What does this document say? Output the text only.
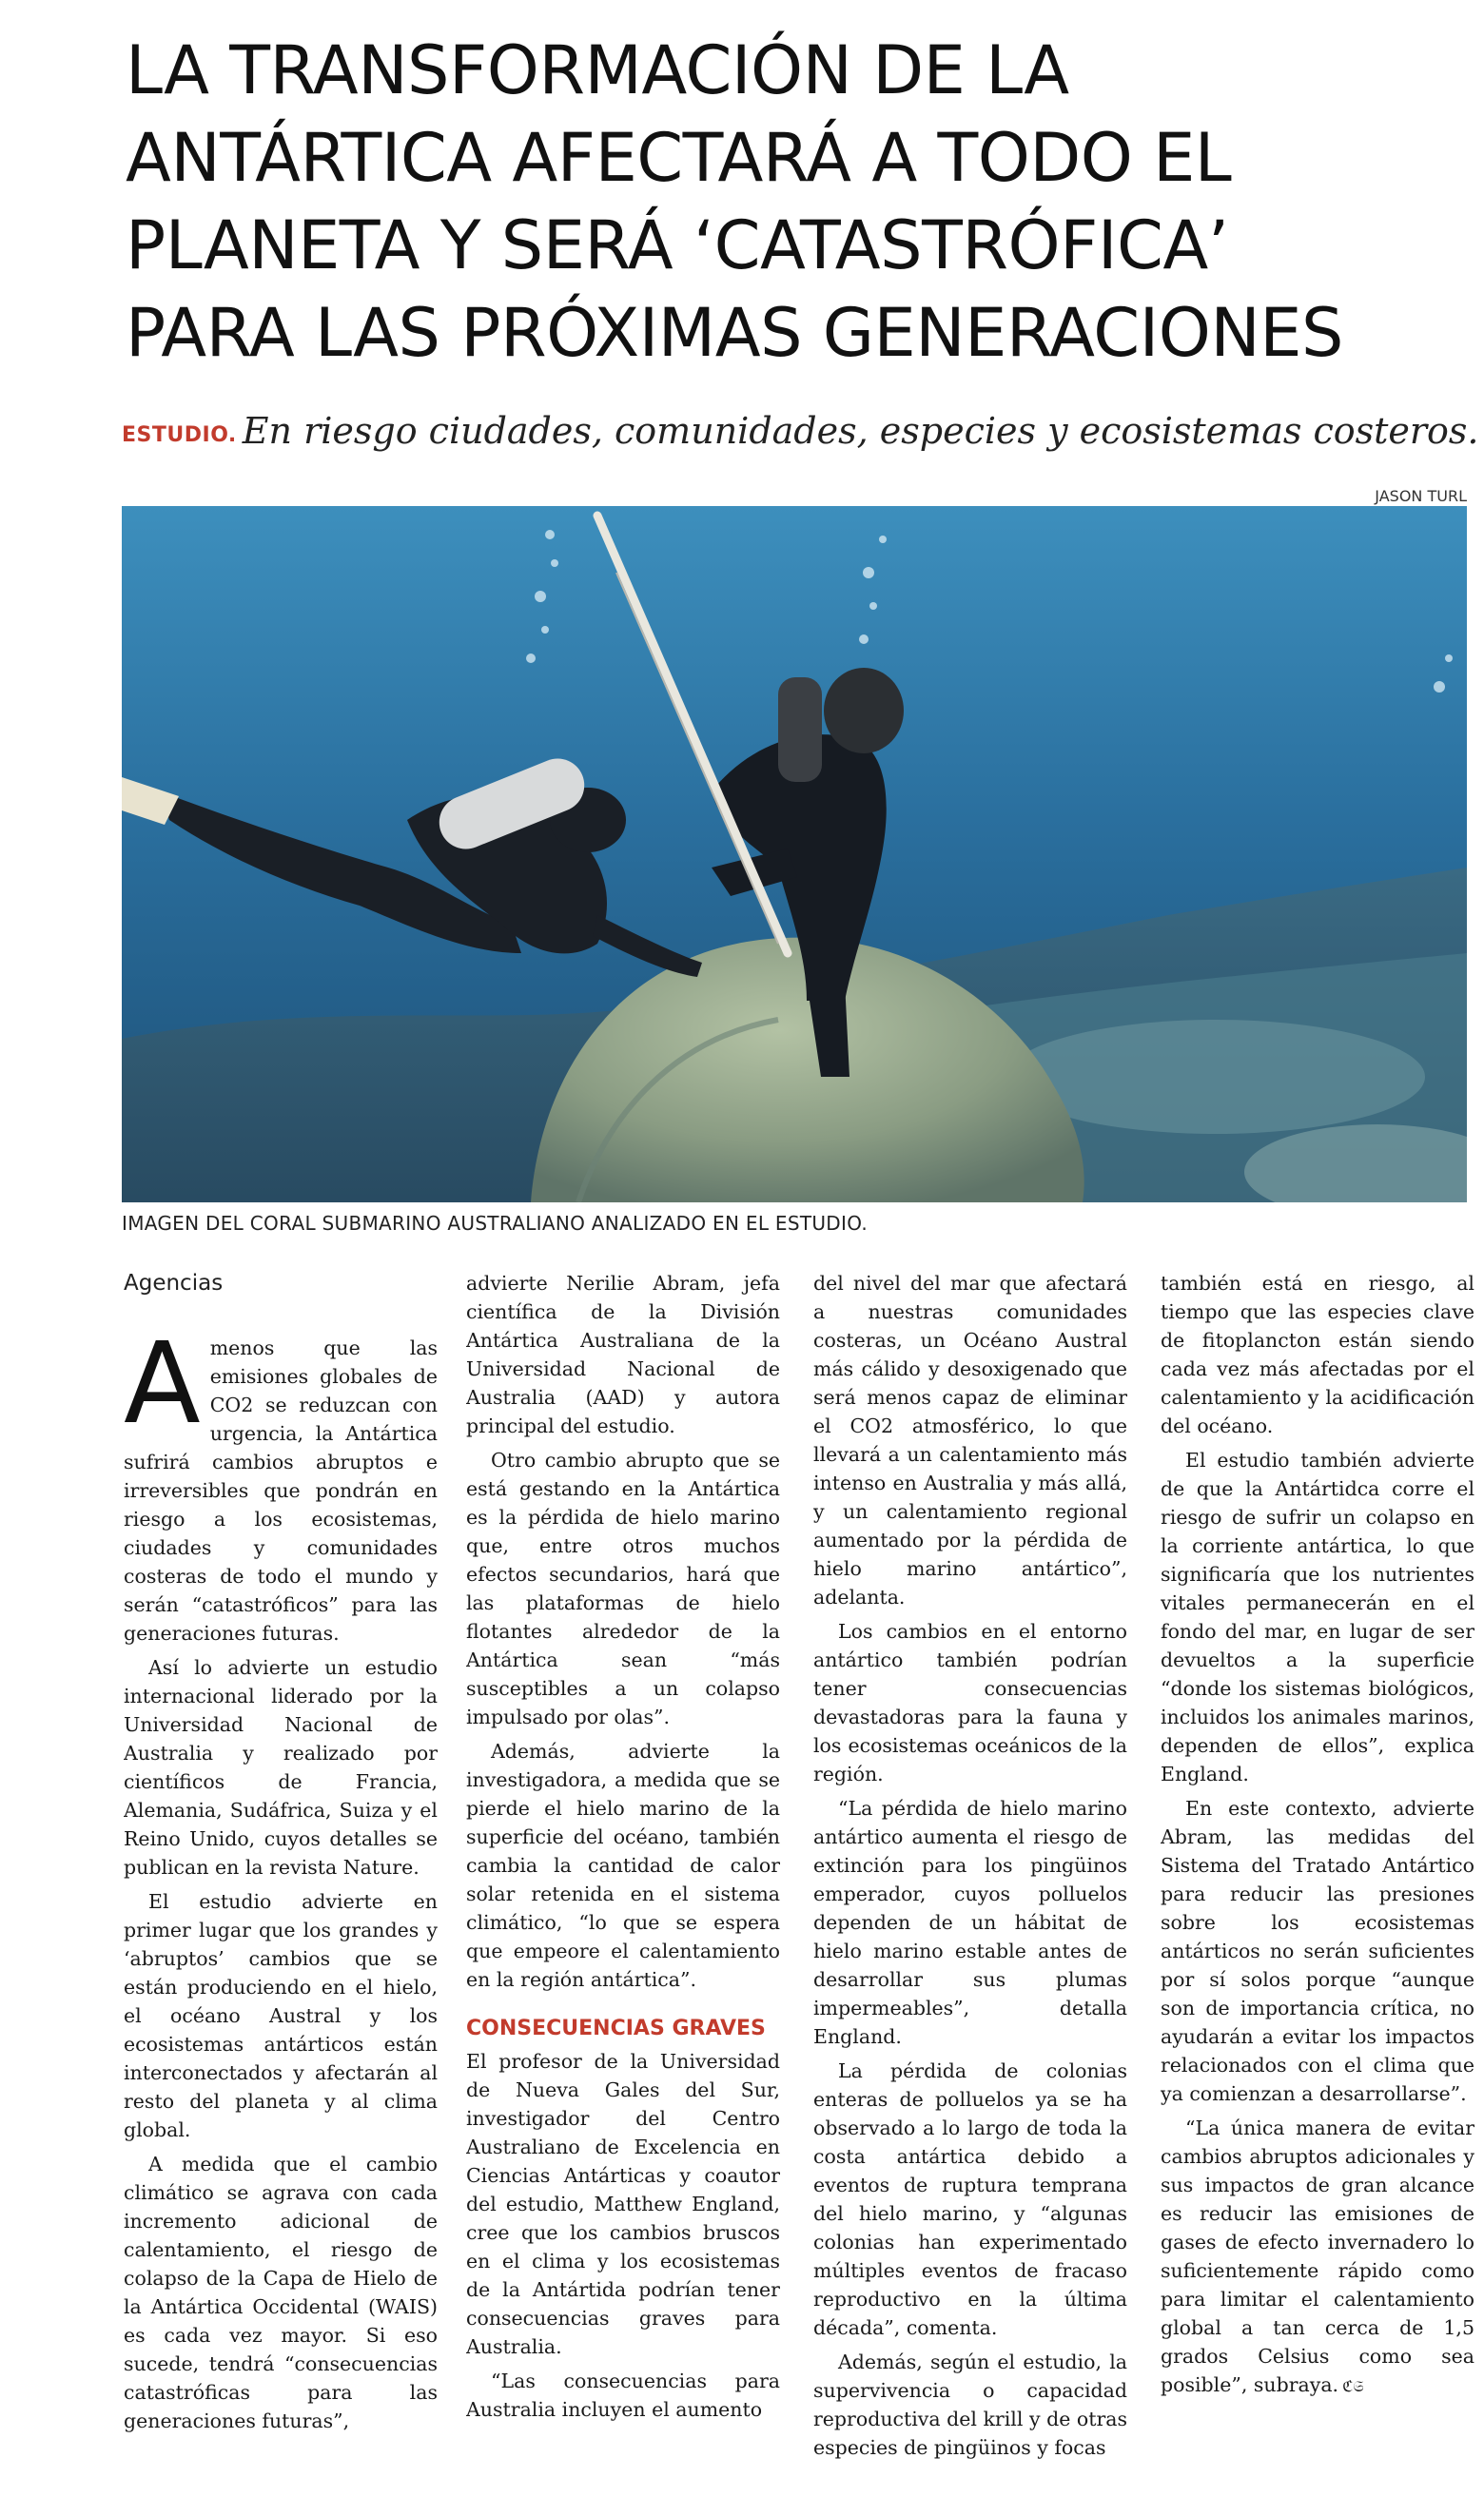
LA TRANSFORMACIÓN DE LA
ANTÁRTICA AFECTARÁ A TODO EL
PLANETA Y SERÁ ‘CATASTRÓFICA’
PARA LAS PRÓXIMAS GENERACIONES
ESTUDIO. En riesgo ciudades, comunidades, especies y ecosistemas costeros.
JASON TURL
IMAGEN DEL CORAL SUBMARINO AUSTRALIANO ANALIZADO EN EL ESTUDIO.
Agencias

Amenos que las emisiones globales de CO2 se reduzcan con urgencia, la Antártica sufrirá cambios abruptos e irreversibles que pondrán en riesgo a los ecosistemas, ciudades y comunidades costeras de todo el mundo y serán “catastróficos” para las generaciones futuras.

Así lo advierte un estudio internacional liderado por la Universidad Nacional de Australia y realizado por científicos de Francia, Alemania, Sudáfrica, Suiza y el Reino Unido, cuyos detalles se publican en la revista Nature.

El estudio advierte en primer lugar que los grandes y ‘abruptos’ cambios que se están produciendo en el hielo, el océano Austral y los ecosistemas antárticos están interconectados y afectarán al resto del planeta y al clima global.

A medida que el cambio climático se agrava con cada incremento adicional de calentamiento, el riesgo de colapso de la Capa de Hielo de la Antártica Occidental (WAIS) es cada vez mayor. Si eso sucede, tendrá “consecuencias catastróficas para las generaciones futuras”,

advierte Nerilie Abram, jefa científica de la División Antártica Australiana de la Universidad Nacional de Australia (AAD) y autora principal del estudio.

Otro cambio abrupto que se está gestando en la Antártica es la pérdida de hielo marino que, entre otros muchos efectos secundarios, hará que las plataformas de hielo flotantes alrededor de la Antártica sean “más susceptibles a un colapso impulsado por olas”.

Además, advierte la investigadora, a medida que se pierde el hielo marino de la superficie del océano, también cambia la cantidad de calor solar retenida en el sistema climático, “lo que se espera que empeore el calentamiento en la región antártica”.

CONSECUENCIAS GRAVES

El profesor de la Universidad de Nueva Gales del Sur, investigador del Centro Australiano de Excelencia en Ciencias Antárticas y coautor del estudio, Matthew England, cree que los cambios bruscos en el clima y los ecosistemas de la Antártida podrían tener consecuencias graves para Australia.

“Las consecuencias para Australia incluyen el aumento

del nivel del mar que afectará a nuestras comunidades costeras, un Océano Austral más cálido y desoxigenado que será menos capaz de eliminar el CO2 atmosférico, lo que llevará a un calentamiento más intenso en Australia y más allá, y un calentamiento regional aumentado por la pérdida de hielo marino antártico”, adelanta.

Los cambios en el entorno antártico también podrían tener consecuencias devastadoras para la fauna y los ecosistemas oceánicos de la región.

“La pérdida de hielo marino antártico aumenta el riesgo de extinción para los pingüinos emperador, cuyos polluelos dependen de un hábitat de hielo marino estable antes de desarrollar sus plumas impermeables”, detalla England.

La pérdida de colonias enteras de polluelos ya se ha observado a lo largo de toda la costa antártica debido a eventos de ruptura temprana del hielo marino, y “algunas colonias han experimentado múltiples eventos de fracaso reproductivo en la última década”, comenta.

Además, según el estudio, la supervivencia o capacidad reproductiva del krill y de otras especies de pingüinos y focas

también está en riesgo, al tiempo que las especies clave de fitoplancton están siendo cada vez más afectadas por el calentamiento y la acidificación del océano.

El estudio también advierte de que la Antártidca corre el riesgo de sufrir un colapso en la corriente antártica, lo que significaría que los nutrientes vitales permanecerán en el fondo del mar, en lugar de ser devueltos a la superficie “donde los sistemas biológicos, incluidos los animales marinos, dependen de ellos”, explica England.

En este contexto, advierte Abram, las medidas del Sistema del Tratado Antártico para reducir las presiones sobre los ecosistemas antárticos no serán suficientes por sí solos porque “aunque son de importancia crítica, no ayudarán a evitar los impactos relacionados con el clima que ya comienzan a desarrollarse”.

“La única manera de evitar cambios abruptos adicionales y sus impactos de gran alcance es reducir las emisiones de gases de efecto invernadero lo suficientemente rápido como para limitar el calentamiento global a tan cerca de 1,5 grados Celsius como sea posible”, subraya. ℭ𝔖
